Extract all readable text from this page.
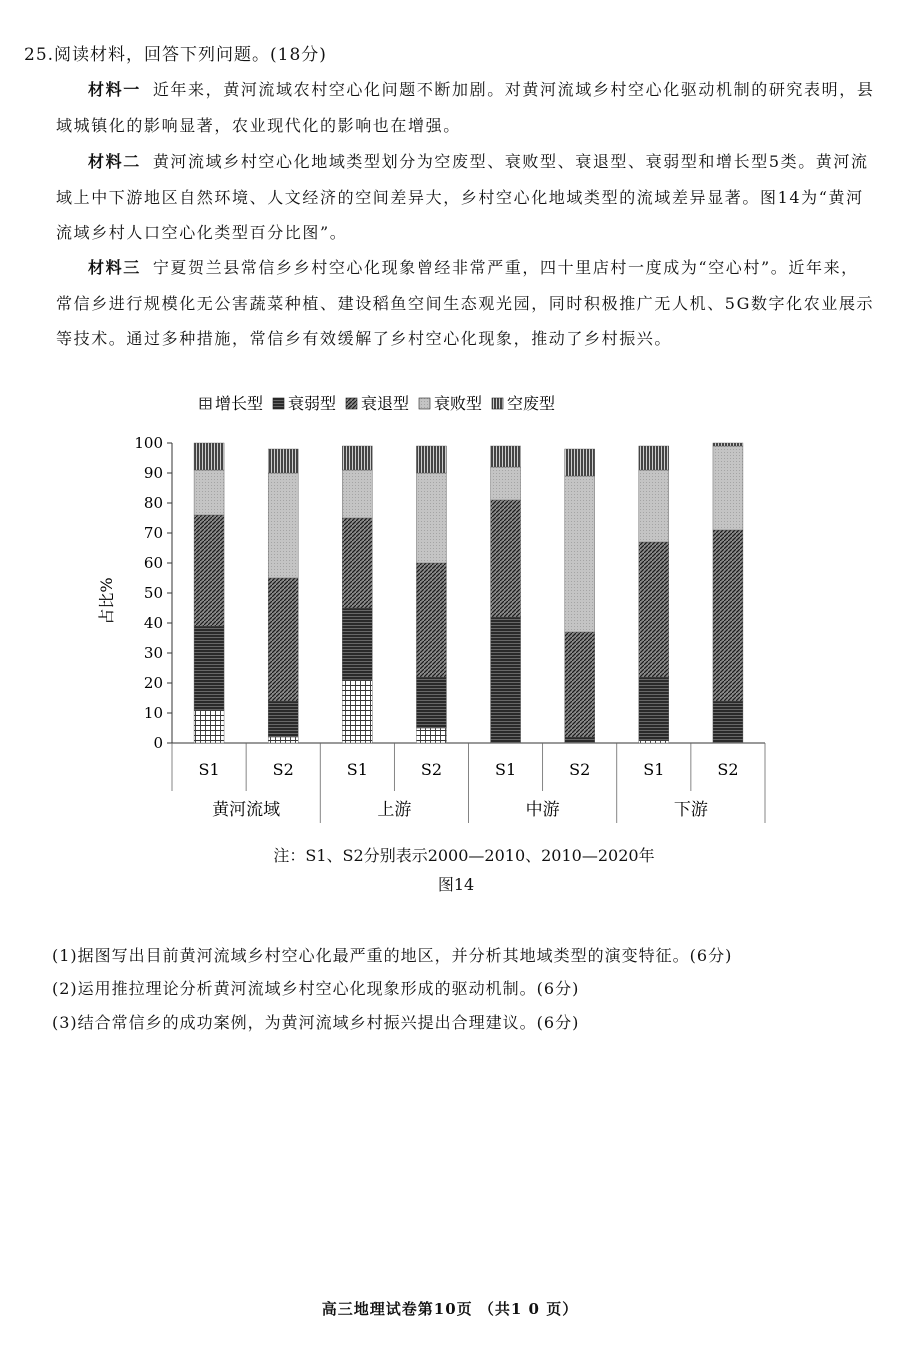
25.阅读材料，回答下列问题。(18分)
材料一 近年来，黄河流域农村空心化问题不断加剧。对黄河流域乡村空心化驱动机制的研究表明，县域城镇化的影响显著，农业现代化的影响也在增强。
材料二 黄河流域乡村空心化地域类型划分为空废型、衰败型、衰退型、衰弱型和增长型5类。黄河流域上中下游地区自然环境、人文经济的空间差异大，乡村空心化地域类型的流域差异显著。图14为“黄河流域乡村人口空心化类型百分比图”。
材料三 宁夏贺兰县常信乡乡村空心化现象曾经非常严重，四十里店村一度成为“空心村”。近年来，常信乡进行规模化无公害蔬菜种植、建设稻鱼空间生态观光园，同时积极推广无人机、5G数字化农业展示等技术。通过多种措施，常信乡有效缓解了乡村空心化现象，推动了乡村振兴。
增长型 衰弱型 衰退型 衰败型 空废型
0
10
20
30
40
50
60
70
80
90
100
占比%
黄河流域	上游	中游	下游
S1	S2	S1	S2	S1	S2	S1	S2
注：S1、S2分别表示2000—2010、2010—2020年
图14
(1)据图写出目前黄河流域乡村空心化最严重的地区，并分析其地域类型的演变特征。(6分)
(2)运用推拉理论分析黄河流域乡村空心化现象形成的驱动机制。(6分)
(3)结合常信乡的成功案例，为黄河流域乡村振兴提出合理建议。(6分)
高三地理试卷第10页 （共1 0 页）
